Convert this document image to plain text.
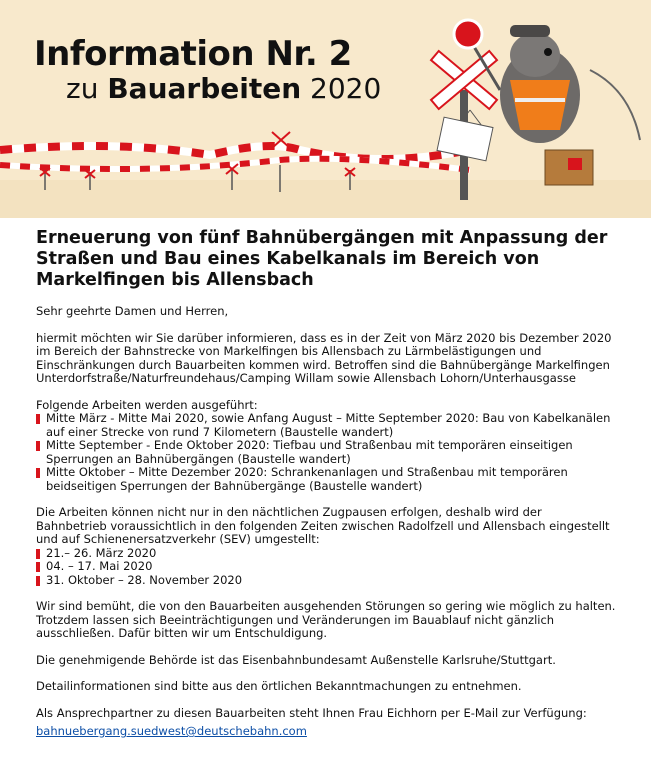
Information Nr. 2
zu Bauarbeiten 2020
Erneuerung von fünf Bahnübergängen mit Anpassung der Straßen und Bau eines Kabelkanals im Bereich von Markelfingen bis Allensbach
Sehr geehrte Damen und Herren,
hiermit möchten wir Sie darüber informieren, dass es in der Zeit von März 2020 bis Dezember 2020 im Bereich der Bahnstrecke von Markelfingen bis Allensbach zu Lärmbelästigungen und Einschränkungen durch Bauarbeiten kommen wird. Betroffen sind die Bahnübergänge Markelfingen Unterdorfstraße/Naturfreundehaus/Camping Willam sowie Allensbach Lohorn/Unterhausgasse
Folgende Arbeiten werden ausgeführt:
Mitte März - Mitte Mai 2020, sowie Anfang August – Mitte September 2020: Bau von Kabelkanälen auf einer Strecke von rund 7 Kilometern (Baustelle wandert)
Mitte September - Ende Oktober 2020: Tiefbau und Straßenbau mit temporären einseitigen Sperrungen an Bahnübergängen (Baustelle wandert)
Mitte Oktober – Mitte Dezember 2020: Schrankenanlagen und Straßenbau mit temporären beidseitigen Sperrungen der Bahnübergänge (Baustelle wandert)
Die Arbeiten können nicht nur in den nächtlichen Zugpausen erfolgen, deshalb wird der Bahnbetrieb voraussichtlich in den folgenden Zeiten zwischen Radolfzell und Allensbach eingestellt und auf Schienenersatzverkehr (SEV) umgestellt:
21.– 26. März 2020
04. – 17. Mai 2020
31. Oktober – 28. November 2020
Wir sind bemüht, die von den Bauarbeiten ausgehenden Störungen so gering wie möglich zu halten. Trotzdem lassen sich Beeinträchtigungen und Veränderungen im Bauablauf nicht gänzlich ausschließen. Dafür bitten wir um Entschuldigung.
Die genehmigende Behörde ist das Eisenbahnbundesamt Außenstelle Karlsruhe/Stuttgart.
Detailinformationen sind bitte aus den örtlichen Bekanntmachungen zu entnehmen.
Als Ansprechpartner zu diesen Bauarbeiten steht Ihnen Frau Eichhorn per E-Mail zur Verfügung:
bahnuebergang.suedwest@deutschebahn.com
